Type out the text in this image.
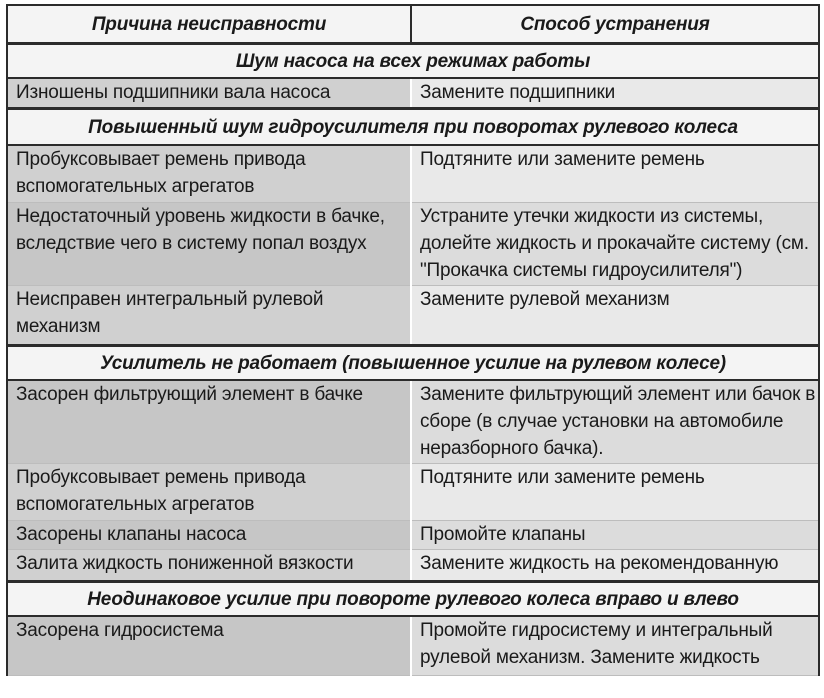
Причина неисправности	Способ устранения
Шум насоса на всех режимах работы	
Изношены подшипники вала насоса	Замените подшипники
Повышенный шум гидроусилителя при поворотах рулевого колеса	
Пробуксовывает ремень привода вспомогательных агрегатов	Подтяните или замените ремень
Недостаточный уровень жидкости в бачке, вследствие чего в систему попал воздух	Устраните утечки жидкости из системы, долейте жидкость и прокачайте систему (см. "Прокачка системы гидроусилителя")
Неисправен интегральный рулевой механизм	Замените рулевой механизм
Усилитель не работает (повышенное усилие на рулевом колесе)	
Засорен фильтрующий элемент в бачке	Замените фильтрующий элемент или бачок в сборе (в случае установки на автомобиле неразборного бачка).
Пробуксовывает ремень привода вспомогательных агрегатов	Подтяните или замените ремень
Засорены клапаны насоса	Промойте клапаны
Залита жидкость пониженной вязкости	Замените жидкость на рекомендованную
Неодинаковое усилие при повороте рулевого колеса вправо и влево	
Засорена гидросистема	Промойте гидросистему и интегральный рулевой механизм. Замените жидкость
